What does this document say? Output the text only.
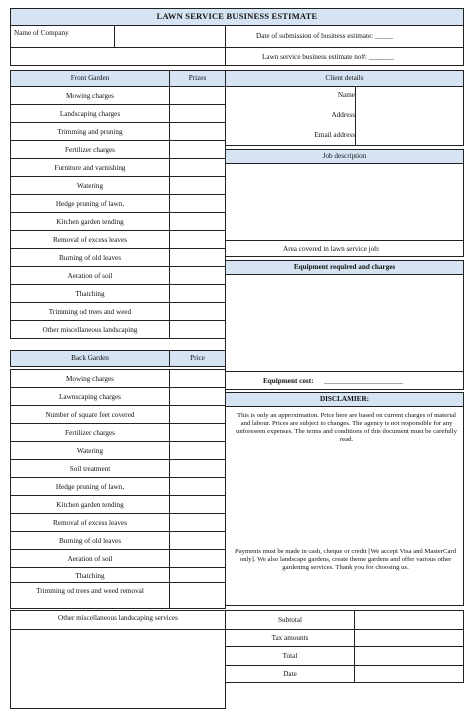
LAWN SERVICE BUSINESS ESTIMATE
Name of Company	Date of submission of business estimate: _____
Lawn service business estimate no#: _______
Front Garden	Prizes	Client details
Mowing charges
Landscaping charges
Trimming and pruning
Fertilizer charges
Furniture and varnishing
Watering
Hedge pruning of lawn,
Kitchen garden tending
Removal of excess leaves
Burning of old leaves
Aeration of soil
Thatching
Trimming od trees and weed
Other miscellaneous landscaping
Back Garden	Price
Mowing charges
Lawnscaping charges
Number of square feet covered
Fertilizer charges
Watering
Soil treatment
Hedge pruning of lawn,
Kitchen garden tending
Removal of excess leaves
Burning of old leaves
Aeration of soil
Thatching
Trimming od trees and weed removal
Name
Address
Email address
Job description
Area covered in lawn service job:
Equipment required and charges
Equipment cost: ______________________
DISCLAMIER:
This is only an approximation. Price here are based on current charges of material and labour. Prices are subject to changes. The agency is not responsible for any unforeseen expenses. The terms and conditions of this document must be carefully read.
Payments must be made in cash, cheque or credit [We accept Visa and MasterCard only]. We also landscape gardens, create theme gardens and offer various other gardening services. Thank you for choosing us.
Other miscellaneous landscaping services	Subtotal
Tax amounts
Total
Date
